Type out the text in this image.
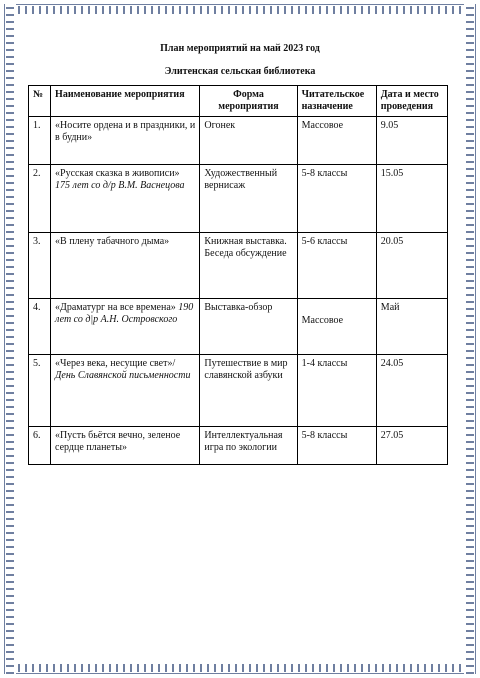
План мероприятий на май 2023 год
Элитенская сельская библиотека
№	Наименование мероприятия	Форма мероприятия	Читательское назначение	Дата и место проведения
1.	«Носите ордена и в праздники, и в будни»	Огонек	Массовое	9.05
2.	«Русская сказка в живописи» 175 лет со д/р В.М. Васнецова	Художественный вернисаж	5-8 классы	15.05
3.	«В плену табачного дыма»	Книжная выставка. Беседа обсуждение	5-6 классы	20.05
4.	«Драматург на все времена» 190 лет со д|р А.Н. Островского	Выставка-обзор	Массовое	Май
5.	«Через века, несущие свет»/ День Славянской письменности	Путешествие в мир славянской азбуки	1-4 классы	24.05
6.	«Пусть бьётся вечно, зеленое сердце планеты»	Интеллектуальная игра по экологии	5-8 классы	27.05
